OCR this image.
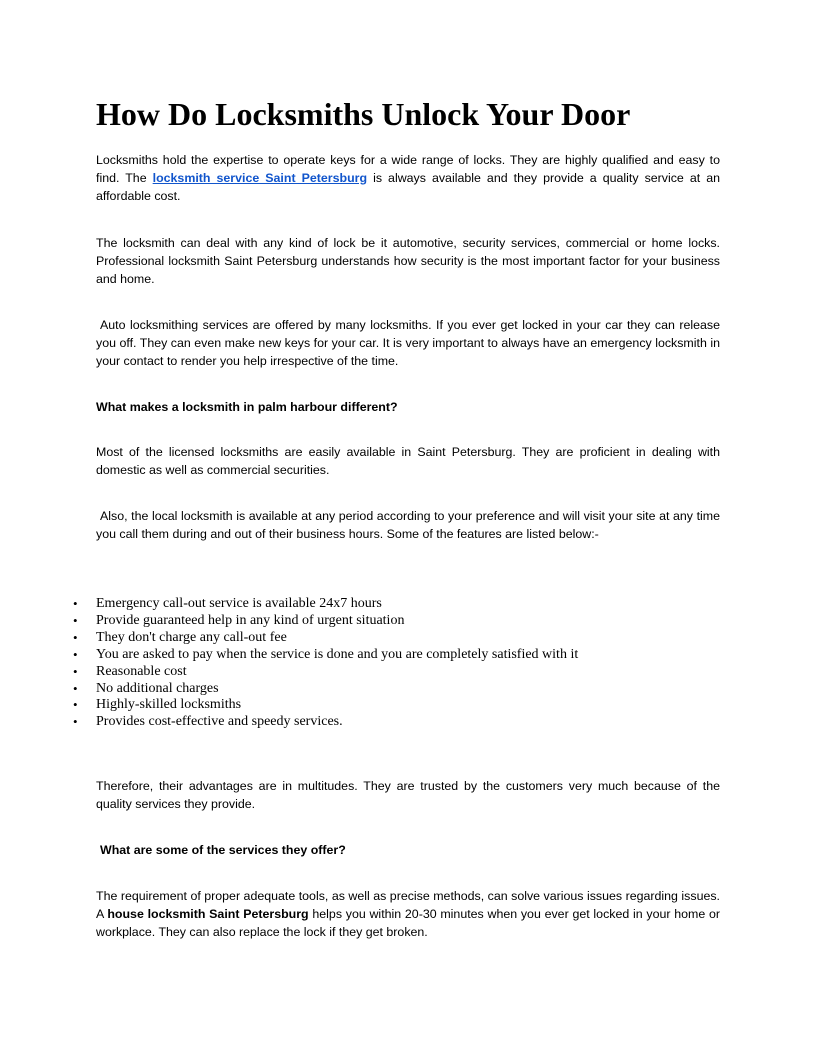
How Do Locksmiths Unlock Your Door

Locksmiths hold the expertise to operate keys for a wide range of locks. They are highly qualified and easy to find. The locksmith service Saint Petersburg is always available and they provide a quality service at an affordable cost.

The locksmith can deal with any kind of lock be it automotive, security services, commercial or home locks. Professional locksmith Saint Petersburg understands how security is the most important factor for your business and home.

Auto locksmithing services are offered by many locksmiths. If you ever get locked in your car they can release you off. They can even make new keys for your car. It is very important to always have an emergency locksmith in your contact to render you help irrespective of the time.

What makes a locksmith in palm harbour different?

Most of the licensed locksmiths are easily available in Saint Petersburg. They are proficient in dealing with domestic as well as commercial securities.

Also, the local locksmith is available at any period according to your preference and will visit your site at any time you call them during and out of their business hours. Some of the features are listed below:-

• Emergency call-out service is available 24x7 hours
• Provide guaranteed help in any kind of urgent situation
• They don't charge any call-out fee
• You are asked to pay when the service is done and you are completely satisfied with it
• Reasonable cost
• No additional charges
• Highly-skilled locksmiths
• Provides cost-effective and speedy services.

Therefore, their advantages are in multitudes. They are trusted by the customers very much because of the quality services they provide.

What are some of the services they offer?

The requirement of proper adequate tools, as well as precise methods, can solve various issues regarding issues. A house locksmith Saint Petersburg helps you within 20-30 minutes when you ever get locked in your home or workplace. They can also replace the lock if they get broken.
